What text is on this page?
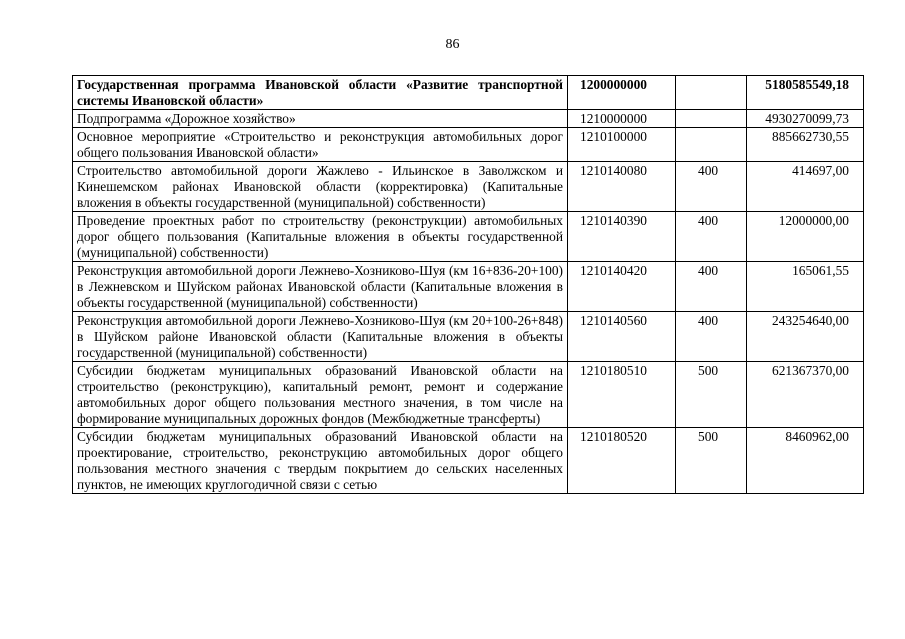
86
Государственная программа Ивановской области «Развитие транспортной системы Ивановской области»	1200000000		5180585549,18
Подпрограмма «Дорожное хозяйство»	1210000000		4930270099,73
Основное мероприятие «Строительство и реконструкция автомобильных дорог общего пользования Ивановской области»	1210100000		885662730,55
Строительство автомобильной дороги Жажлево - Ильинское в Заволжском и Кинешемском районах Ивановской области (корректировка) (Капитальные вложения в объекты государственной (муниципальной) собственности)	1210140080	400	414697,00
Проведение проектных работ по строительству (реконструкции) автомобильных дорог общего пользования (Капитальные вложения в объекты государственной (муниципальной) собственности)	1210140390	400	12000000,00
Реконструкция автомобильной дороги Лежнево-Хозниково-Шуя (км 16+836-20+100) в Лежневском и Шуйском районах Ивановской области (Капитальные вложения в объекты государственной (муниципальной) собственности)	1210140420	400	165061,55
Реконструкция автомобильной дороги Лежнево-Хозниково-Шуя (км 20+100-26+848) в Шуйском районе Ивановской области (Капитальные вложения в объекты государственной (муниципальной) собственности)	1210140560	400	243254640,00
Субсидии бюджетам муниципальных образований Ивановской области на строительство (реконструкцию), капитальный ремонт, ремонт и содержание автомобильных дорог общего пользования местного значения, в том числе на формирование муниципальных дорожных фондов (Межбюджетные трансферты)	1210180510	500	621367370,00
Субсидии бюджетам муниципальных образований Ивановской области на проектирование, строительство, реконструкцию автомобильных дорог общего пользования местного значения с твердым покрытием до сельских населенных пунктов, не имеющих круглогодичной связи с сетью	1210180520	500	8460962,00
